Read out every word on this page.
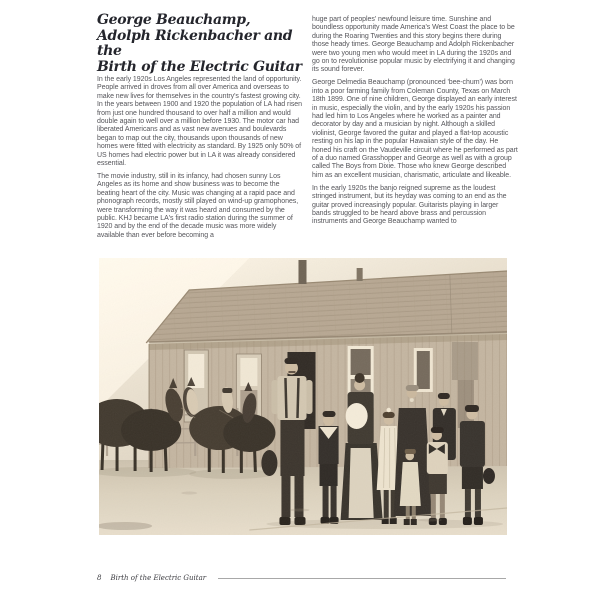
George Beauchamp,
Adolph Rickenbacher and the
Birth of the Electric Guitar

In the early 1920s Los Angeles represented the land of opportunity. People arrived in droves from all over America and overseas to make new lives for themselves in the country's fastest growing city. In the years between 1900 and 1920 the population of LA had risen from just one hundred thousand to over half a million and would double again to well over a million before 1930. The motor car had liberated Americans and as vast new avenues and boulevards began to map out the city, thousands upon thousands of new homes were fitted with electricity as standard. By 1925 only 50% of US homes had electric power but in LA it was already considered essential.

The movie industry, still in its infancy, had chosen sunny Los Angeles as its home and show business was to become the beating heart of the city. Music was changing at a rapid pace and phonograph records, mostly still played on wind-up gramophones, were transforming the way it was heard and consumed by the public. KHJ became LA's first radio station during the summer of 1920 and by the end of the decade music was more widely available than ever before becoming a

huge part of peoples' newfound leisure time. Sunshine and boundless opportunity made America's West Coast the place to be during the Roaring Twenties and this story begins there during those heady times. George Beauchamp and Adolph Rickenbacher were two young men who would meet in LA during the 1920s and go on to revolutionise popular music by electrifying it and changing its sound forever.

George Delmedia Beauchamp (pronounced 'bee-chum') was born into a poor farming family from Coleman County, Texas on March 18th 1899. One of nine children, George displayed an early interest in music, especially the violin, and by the early 1920s his passion had led him to Los Angeles where he worked as a painter and decorator by day and a musician by night. Although a skilled violinist, George favored the guitar and played a flat-top acoustic resting on his lap in the popular Hawaiian style of the day. He honed his craft on the Vaudeville circuit where he performed as part of a duo named Grasshopper and George as well as with a group called The Boys from Dixie. Those who knew George described him as an excellent musician, charismatic, articulate and likeable.

In the early 1920s the banjo reigned supreme as the loudest stringed instrument, but its heyday was coming to an end as the guitar proved increasingly popular. Guitarists playing in larger bands struggled to be heard above brass and percussion instruments and George Beauchamp wanted to

8 Birth of the Electric Guitar
